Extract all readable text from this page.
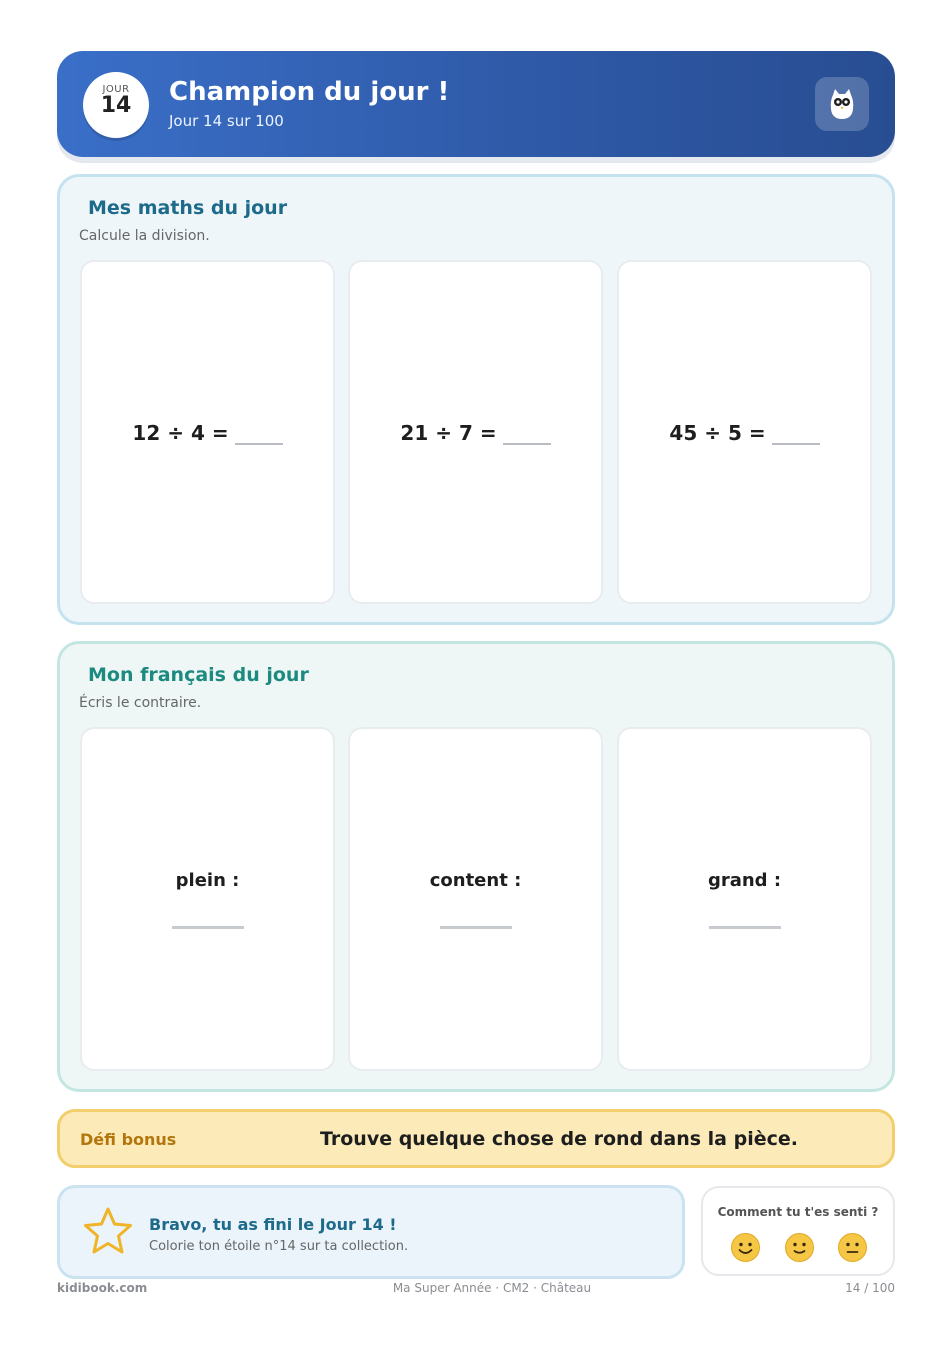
JOUR
14	Champion du jour !
Jour 14 sur 100
Mes maths du jour
Calcule la division.
12 ÷ 4 =	21 ÷ 7 =	45 ÷ 5 =
Mon français du jour
Écris le contraire.
plein :	content :	grand :
Défi bonus	Trouve quelque chose de rond dans la pièce.
Bravo, tu as fini le Jour 14 !
Colorie ton étoile n°14 sur ta collection.
Comment tu t'es senti ?
kidibook.com	Ma Super Année · CM2 · Château	14 / 100
